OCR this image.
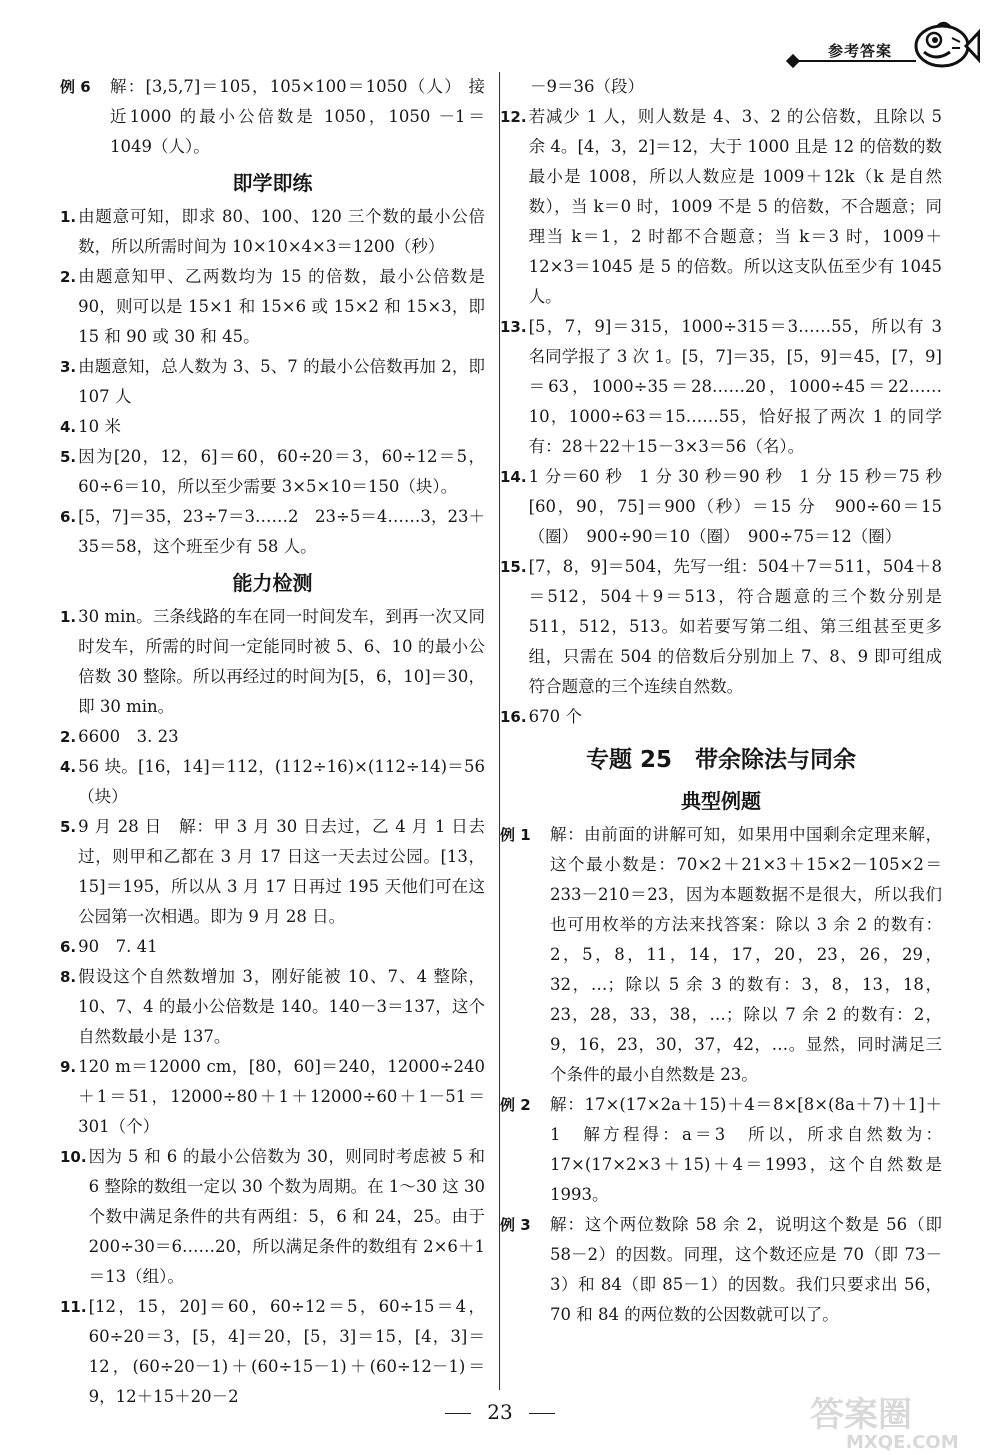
参考答案
例 6	解：[3,5,7]＝105，105×100＝1050（人） 接近1000 的最小公倍数是 1050，1050 －1＝1049（人）。
即学即练
1. 由题意可知，即求 80、100、120 三个数的最小公倍数，所以所需时间为 10×10×4×3＝1200（秒）
2. 由题意知甲、乙两数均为 15 的倍数，最小公倍数是90，则可以是 15×1 和 15×6 或 15×2 和 15×3，即 15 和 90 或 30 和 45。
3. 由题意知，总人数为 3、5、7 的最小公倍数再加 2，即 107 人
4. 10 米
5. 因为[20，12，6]＝60，60÷20＝3，60÷12＝5，60÷6＝10，所以至少需要 3×5×10＝150（块）。
6. [5，7]＝35，23÷7＝3……2　23÷5＝4……3，23＋35＝58，这个班至少有 58 人。
能力检测
1. 30 min。三条线路的车在同一时间发车，到再一次又同时发车，所需的时间一定能同时被 5、6、10 的最小公倍数 30 整除。所以再经过的时间为[5，6，10]＝30，即 30 min。
2. 6600　3. 23
4. 56 块。[16，14]＝112，(112÷16)×(112÷14)＝56（块）
5. 9 月 28 日　解：甲 3 月 30 日去过，乙 4 月 1 日去过，则甲和乙都在 3 月 17 日这一天去过公园。[13，15]＝195，所以从 3 月 17 日再过 195 天他们可在这公园第一次相遇。即为 9 月 28 日。
6. 90　7. 41
8. 假设这个自然数增加 3，刚好能被 10、7、4 整除，10、7、4 的最小公倍数是 140。140－3＝137，这个自然数最小是 137。
9. 120 m＝12000 cm，[80，60]＝240，12000÷240＋1＝51，12000÷80＋1＋12000÷60＋1－51＝301（个）
10. 因为 5 和 6 的最小公倍数为 30，则同时考虑被 5 和 6 整除的数组一定以 30 个数为周期。在 1～30 这 30 个数中满足条件的共有两组：5，6 和 24，25。由于 200÷30＝6……20，所以满足条件的数组有 2×6＋1＝13（组）。
11. [12，15，20]＝60，60÷12＝5，60÷15＝4，60÷20＝3，[5，4]＝20，[5，3]＝15，[4，3]＝12，(60÷20－1)＋(60÷15－1)＋(60÷12－1)＝9，12＋15＋20－2
－9＝36（段）
12. 若减少 1 人，则人数是 4、3、2 的公倍数，且除以 5 余 4。[4，3，2]＝12，大于 1000 且是 12 的倍数的数最小是 1008，所以人数应是 1009＋12k（k 是自然数），当 k＝0 时，1009 不是 5 的倍数，不合题意；同理当 k＝1，2 时都不合题意；当 k＝3 时，1009＋12×3＝1045 是 5 的倍数。所以这支队伍至少有 1045 人。
13. [5，7，9]＝315，1000÷315＝3……55，所以有 3 名同学报了 3 次 1。[5，7]＝35，[5，9]＝45，[7，9]＝63，1000÷35＝28……20，1000÷45＝22……10，1000÷63＝15……55，恰好报了两次 1 的同学有：28＋22＋15－3×3＝56（名）。
14. 1 分＝60 秒　1 分 30 秒＝90 秒　1 分 15 秒＝75 秒　[60，90，75]＝900（秒）＝15 分　900÷60＝15（圈）　900÷90＝10（圈）　900÷75＝12（圈）
15. [7，8，9]＝504，先写一组：504＋7＝511，504＋8＝512，504＋9＝513，符合题意的三个数分别是 511，512，513。如若要写第二组、第三组甚至更多组，只需在 504 的倍数后分别加上 7、8、9 即可组成符合题意的三个连续自然数。
16. 670 个
专题 25　带余除法与同余
典型例题
例 1	解：由前面的讲解可知，如果用中国剩余定理来解，这个最小数是：70×2＋21×3＋15×2－105×2＝233－210＝23，因为本题数据不是很大，所以我们也可用枚举的方法来找答案：除以 3 余 2 的数有：2，5，8，11，14，17，20，23，26，29，32，…；除以 5 余 3 的数有：3，8，13，18，23，28，33，38，…；除以 7 余 2 的数有：2，9，16，23，30，37，42，…。显然，同时满足三个条件的最小自然数是 23。
例 2	解：17×(17×2a＋15)＋4＝8×[8×(8a＋7)＋1]＋1　解方程得：a＝3　所以，所求自然数为：17×(17×2×3＋15)＋4＝1993，这个自然数是 1993。
例 3	解：这个两位数除 58 余 2，说明这个数是 56（即 58－2）的因数。同理，这个数还应是 70（即 73－3）和 84（即 85－1）的因数。我们只要求出 56，70 和 84 的两位数的公因数就可以了。
23	答案圈
MXQE.COM
